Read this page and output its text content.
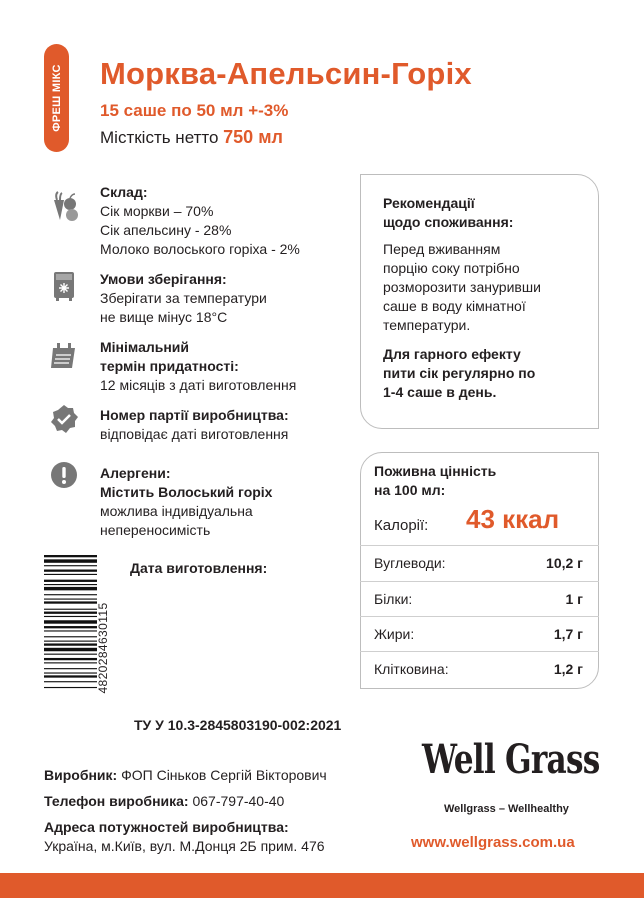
ФРЕШ МІКС Морква-Апельсин-Горіх
15 саше по 50 мл +-3%
Місткість нетто 750 мл
Склад:
Сік моркви – 70%
Сік апельсину - 28%
Молоко волоського горіха - 2%
Умови зберігання:
Зберігати за температури
не вище мінус 18°C
Мінімальний
термін придатності:
12 місяців з даті виготовлення
Номер партії виробництва:
відповідає даті виготовлення
Алергени:
Містить Волоський горіх
можлива індивідуальна
непереносимість
Рекомендації
щодо споживання:
Перед вживанням
порцію соку потрібно
розморозити зануривши
саше в воду кімнатної
температури.
Для гарного ефекту
пити сік регулярно по
1-4 саше в день.
Поживна цінність
на 100 мл:
Калорії: 43 ккал
Вуглеводи:	10,2 г
Білки:	1 г
Жири:	1,7 г
Клітковина:	1,2 г
Дата виготовлення:
4820284630115
ТУ У 10.3-2845803190-002:2021
Виробник: ФОП Сіньков Сергій Вікторович
Телефон виробника: 067-797-40-40
Адреса потужностей виробництва:
Україна, м.Київ, вул. М.Донця 2Б прим. 476
Well Grass
Wellgrass – Wellhealthy
www.wellgrass.com.ua
